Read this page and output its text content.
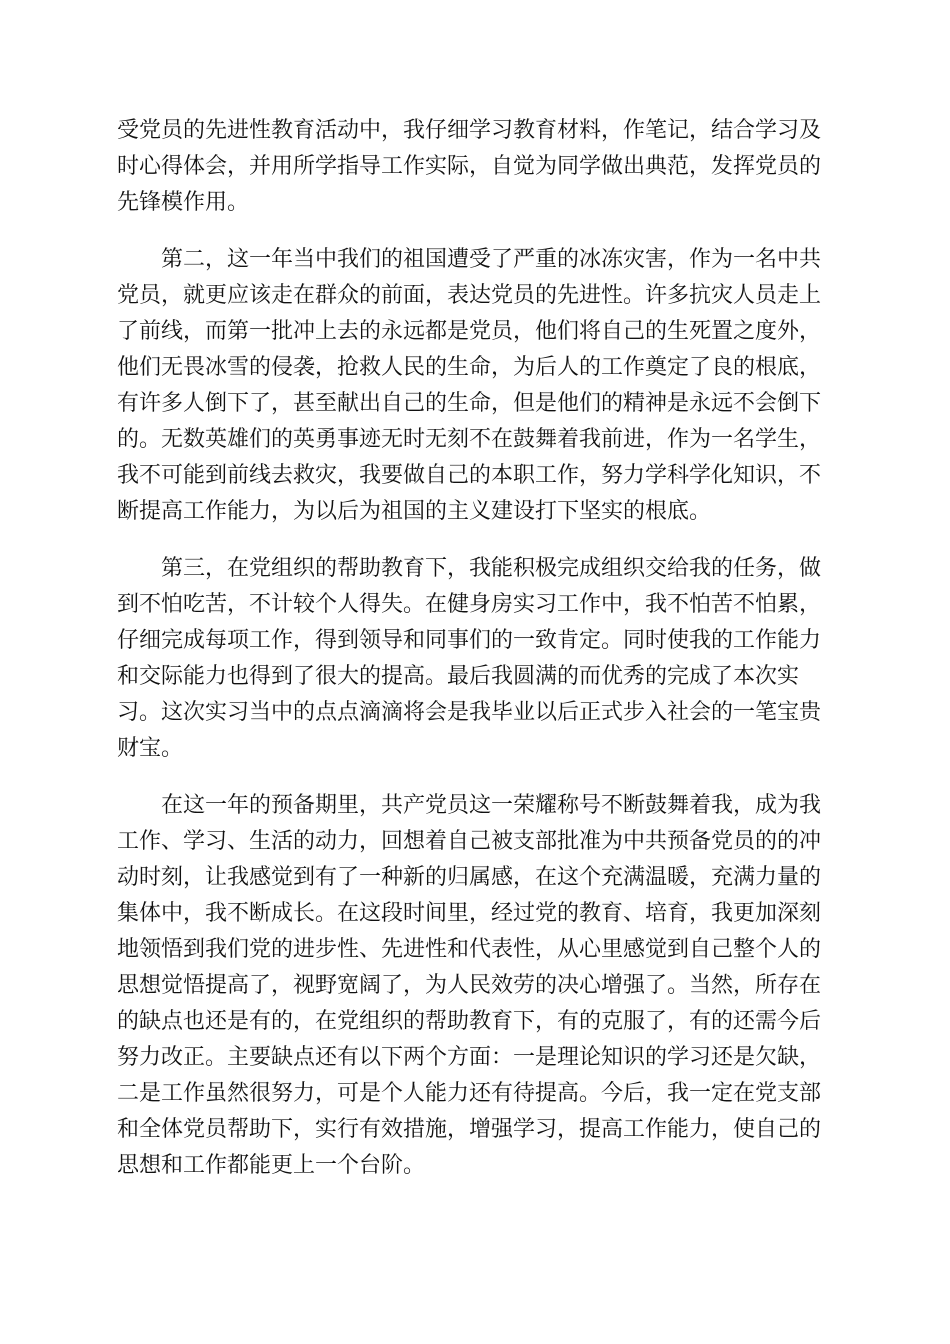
受党员的先进性教育活动中，我仔细学习教育材料，作笔记，结合学习及
时心得体会，并用所学指导工作实际，自觉为同学做出典范，发挥党员的
先锋模作用。
第二，这一年当中我们的祖国遭受了严重的冰冻灾害，作为一名中共
党员，就更应该走在群众的前面，表达党员的先进性。许多抗灾人员走上
了前线，而第一批冲上去的永远都是党员，他们将自己的生死置之度外，
他们无畏冰雪的侵袭，抢救人民的生命，为后人的工作奠定了良的根底，
有许多人倒下了，甚至献出自己的生命，但是他们的精神是永远不会倒下
的。无数英雄们的英勇事迹无时无刻不在鼓舞着我前进，作为一名学生，
我不可能到前线去救灾，我要做自己的本职工作，努力学科学化知识，不
断提高工作能力，为以后为祖国的主义建设打下坚实的根底。
第三，在党组织的帮助教育下，我能积极完成组织交给我的任务，做
到不怕吃苦，不计较个人得失。在健身房实习工作中，我不怕苦不怕累，
仔细完成每项工作，得到领导和同事们的一致肯定。同时使我的工作能力
和交际能力也得到了很大的提高。最后我圆满的而优秀的完成了本次实
习。这次实习当中的点点滴滴将会是我毕业以后正式步入社会的一笔宝贵
财宝。
在这一年的预备期里，共产党员这一荣耀称号不断鼓舞着我，成为我
工作、学习、生活的动力，回想着自己被支部批准为中共预备党员的的冲
动时刻，让我感觉到有了一种新的归属感，在这个充满温暖，充满力量的
集体中，我不断成长。在这段时间里，经过党的教育、培育，我更加深刻
地领悟到我们党的进步性、先进性和代表性，从心里感觉到自己整个人的
思想觉悟提高了，视野宽阔了，为人民效劳的决心增强了。当然，所存在
的缺点也还是有的，在党组织的帮助教育下，有的克服了，有的还需今后
努力改正。主要缺点还有以下两个方面：一是理论知识的学习还是欠缺，
二是工作虽然很努力，可是个人能力还有待提高。今后，我一定在党支部
和全体党员帮助下，实行有效措施，增强学习，提高工作能力，使自己的
思想和工作都能更上一个台阶。
